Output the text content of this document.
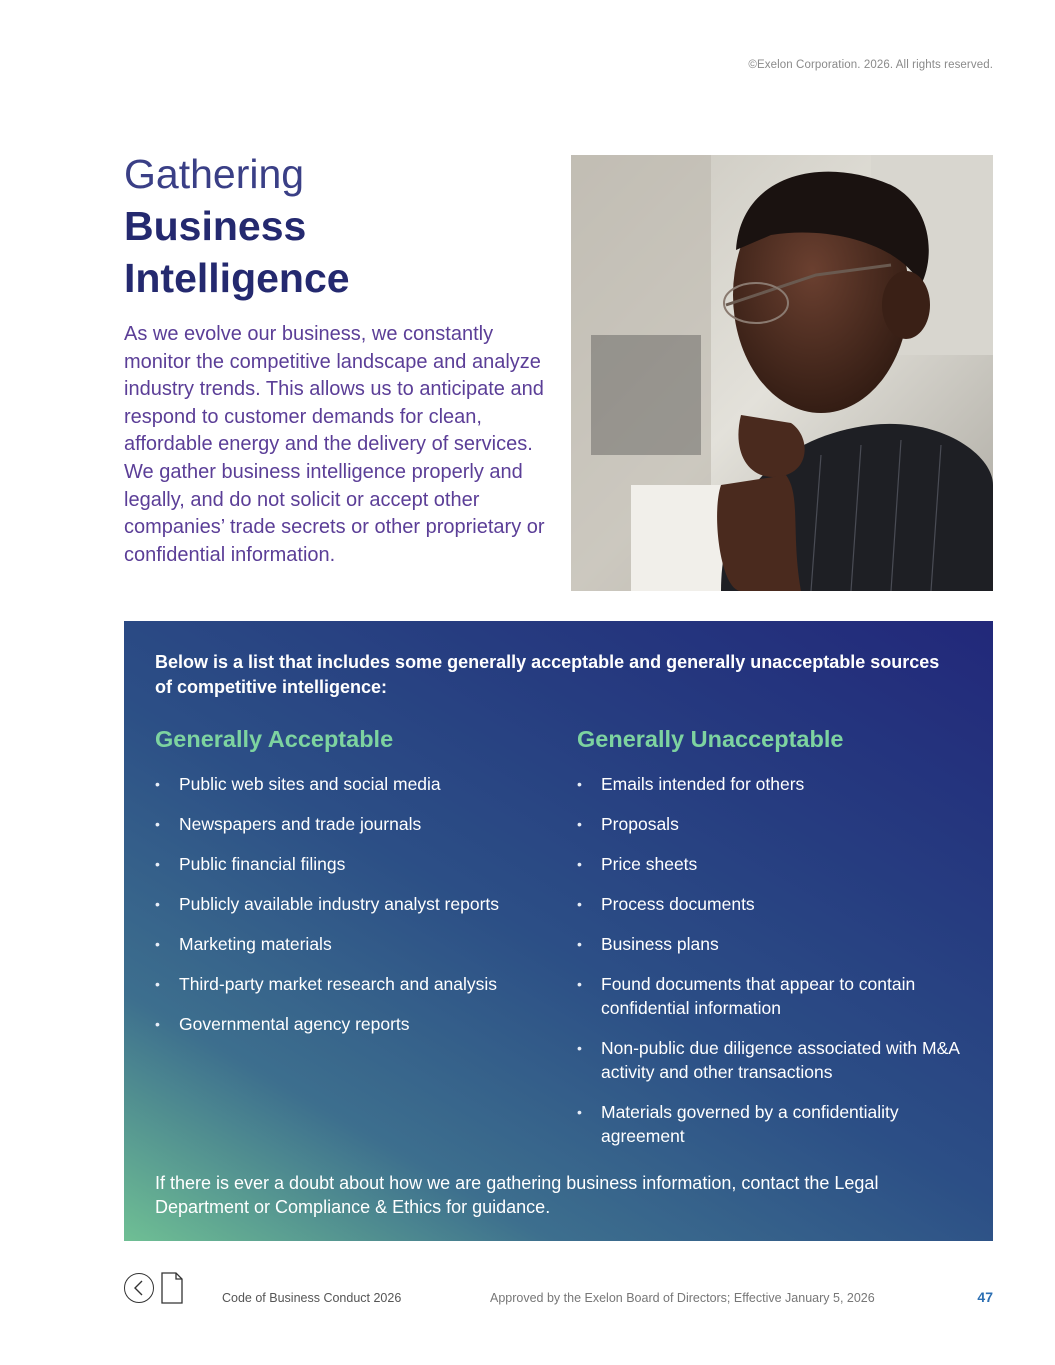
©Exelon Corporation. 2026. All rights reserved.
Gathering
Business
Intelligence

As we evolve our business, we constantly monitor the competitive landscape and analyze industry trends. This allows us to anticipate and respond to customer demands for clean, affordable energy and the delivery of services. We gather business intelligence properly and legally, and do not solicit or accept other companies’ trade secrets or other proprietary or confidential information.

Below is a list that includes some generally acceptable and generally unacceptable sources of competitive intelligence:

Generally Acceptable
• Public web sites and social media
• Newspapers and trade journals
• Public financial filings
• Publicly available industry analyst reports
• Marketing materials
• Third-party market research and analysis
• Governmental agency reports
Generally Unacceptable
• Emails intended for others
• Proposals
• Price sheets
• Process documents
• Business plans
• Found documents that appear to contain confidential information
• Non-public due diligence associated with M&A activity and other transactions
• Materials governed by a confidentiality agreement

If there is ever a doubt about how we are gathering business information, contact the Legal Department or Compliance & Ethics for guidance.

Code of Business Conduct 2026	Approved by the Exelon Board of Directors; Effective January 5, 2026	47
